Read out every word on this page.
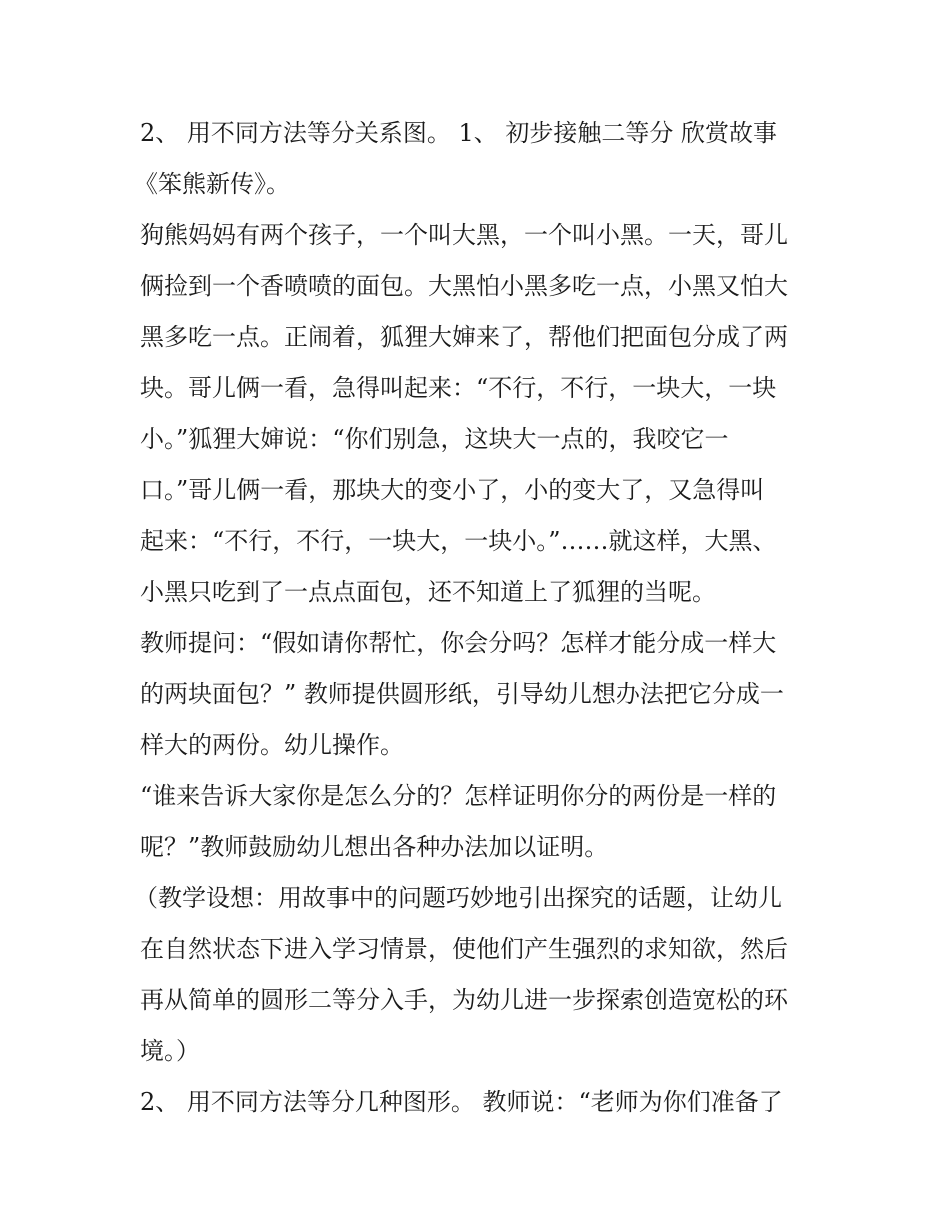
2、 用不同方法等分关系图。 1、 初步接触二等分 欣赏故事
《笨熊新传》。
狗熊妈妈有两个孩子，一个叫大黑，一个叫小黑。一天，哥儿
俩捡到一个香喷喷的面包。大黑怕小黑多吃一点，小黑又怕大
黑多吃一点。正闹着，狐狸大婶来了，帮他们把面包分成了两
块。哥儿俩一看，急得叫起来：“不行，不行，一块大，一块
小。”狐狸大婶说：“你们别急，这块大一点的，我咬它一
口。”哥儿俩一看，那块大的变小了，小的变大了，又急得叫
起来：“不行，不行，一块大，一块小。”……就这样，大黑、
小黑只吃到了一点点面包，还不知道上了狐狸的当呢。
教师提问：“假如请你帮忙，你会分吗？怎样才能分成一样大
的两块面包？” 教师提供圆形纸，引导幼儿想办法把它分成一
样大的两份。幼儿操作。
“谁来告诉大家你是怎么分的？怎样证明你分的两份是一样的
呢？”教师鼓励幼儿想出各种办法加以证明。
（教学设想：用故事中的问题巧妙地引出探究的话题，让幼儿
在自然状态下进入学习情景，使他们产生强烈的求知欲，然后
再从简单的圆形二等分入手，为幼儿进一步探索创造宽松的环
境。）
2、 用不同方法等分几种图形。 教师说：“老师为你们准备了
